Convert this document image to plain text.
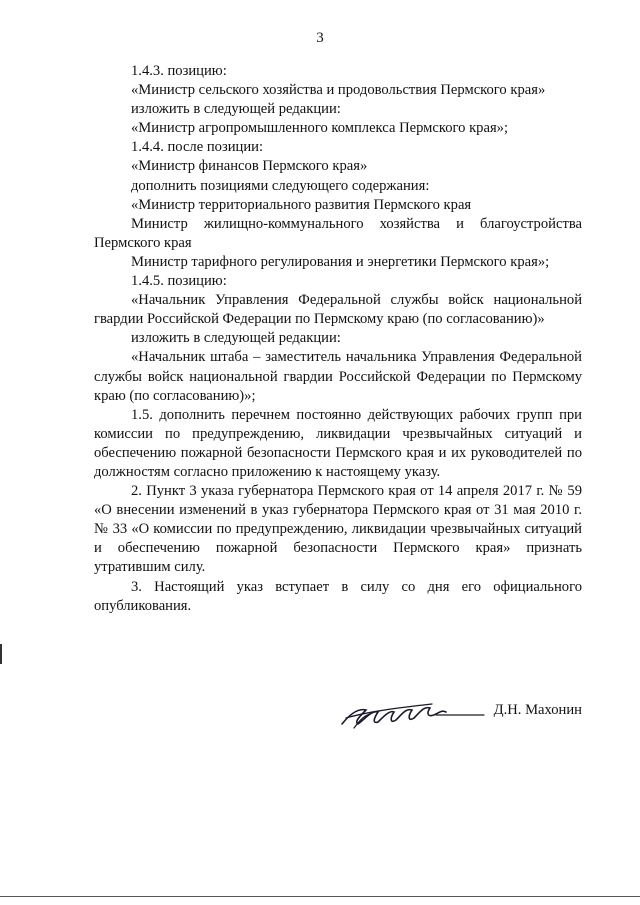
3

1.4.3. позицию:

«Министр сельского хозяйства и продовольствия Пермского края»

изложить в следующей редакции:

«Министр агропромышленного комплекса Пермского края»;

1.4.4. после позиции:

«Министр финансов Пермского края»

дополнить позициями следующего содержания:

«Министр территориального развития Пермского края

Министр жилищно-коммунального хозяйства и благоустройства Пермского края

Министр тарифного регулирования и энергетики Пермского края»;

1.4.5. позицию:

«Начальник Управления Федеральной службы войск национальной гвардии Российской Федерации по Пермскому краю (по согласованию)»

изложить в следующей редакции:

«Начальник штаба – заместитель начальника Управления Федеральной службы войск национальной гвардии Российской Федерации по Пермскому краю (по согласованию)»;

1.5. дополнить перечнем постоянно действующих рабочих групп при комиссии по предупреждению, ликвидации чрезвычайных ситуаций и обеспечению пожарной безопасности Пермского края и их руководителей по должностям согласно приложению к настоящему указу.

2. Пункт 3 указа губернатора Пермского края от 14 апреля 2017 г. № 59 «О внесении изменений в указ губернатора Пермского края от 31 мая 2010 г. № 33 «О комиссии по предупреждению, ликвидации чрезвычайных ситуаций и обеспечению пожарной безопасности Пермского края» признать утратившим силу.

3. Настоящий указ вступает в силу со дня его официального опубликования.

Д.Н. Махонин
